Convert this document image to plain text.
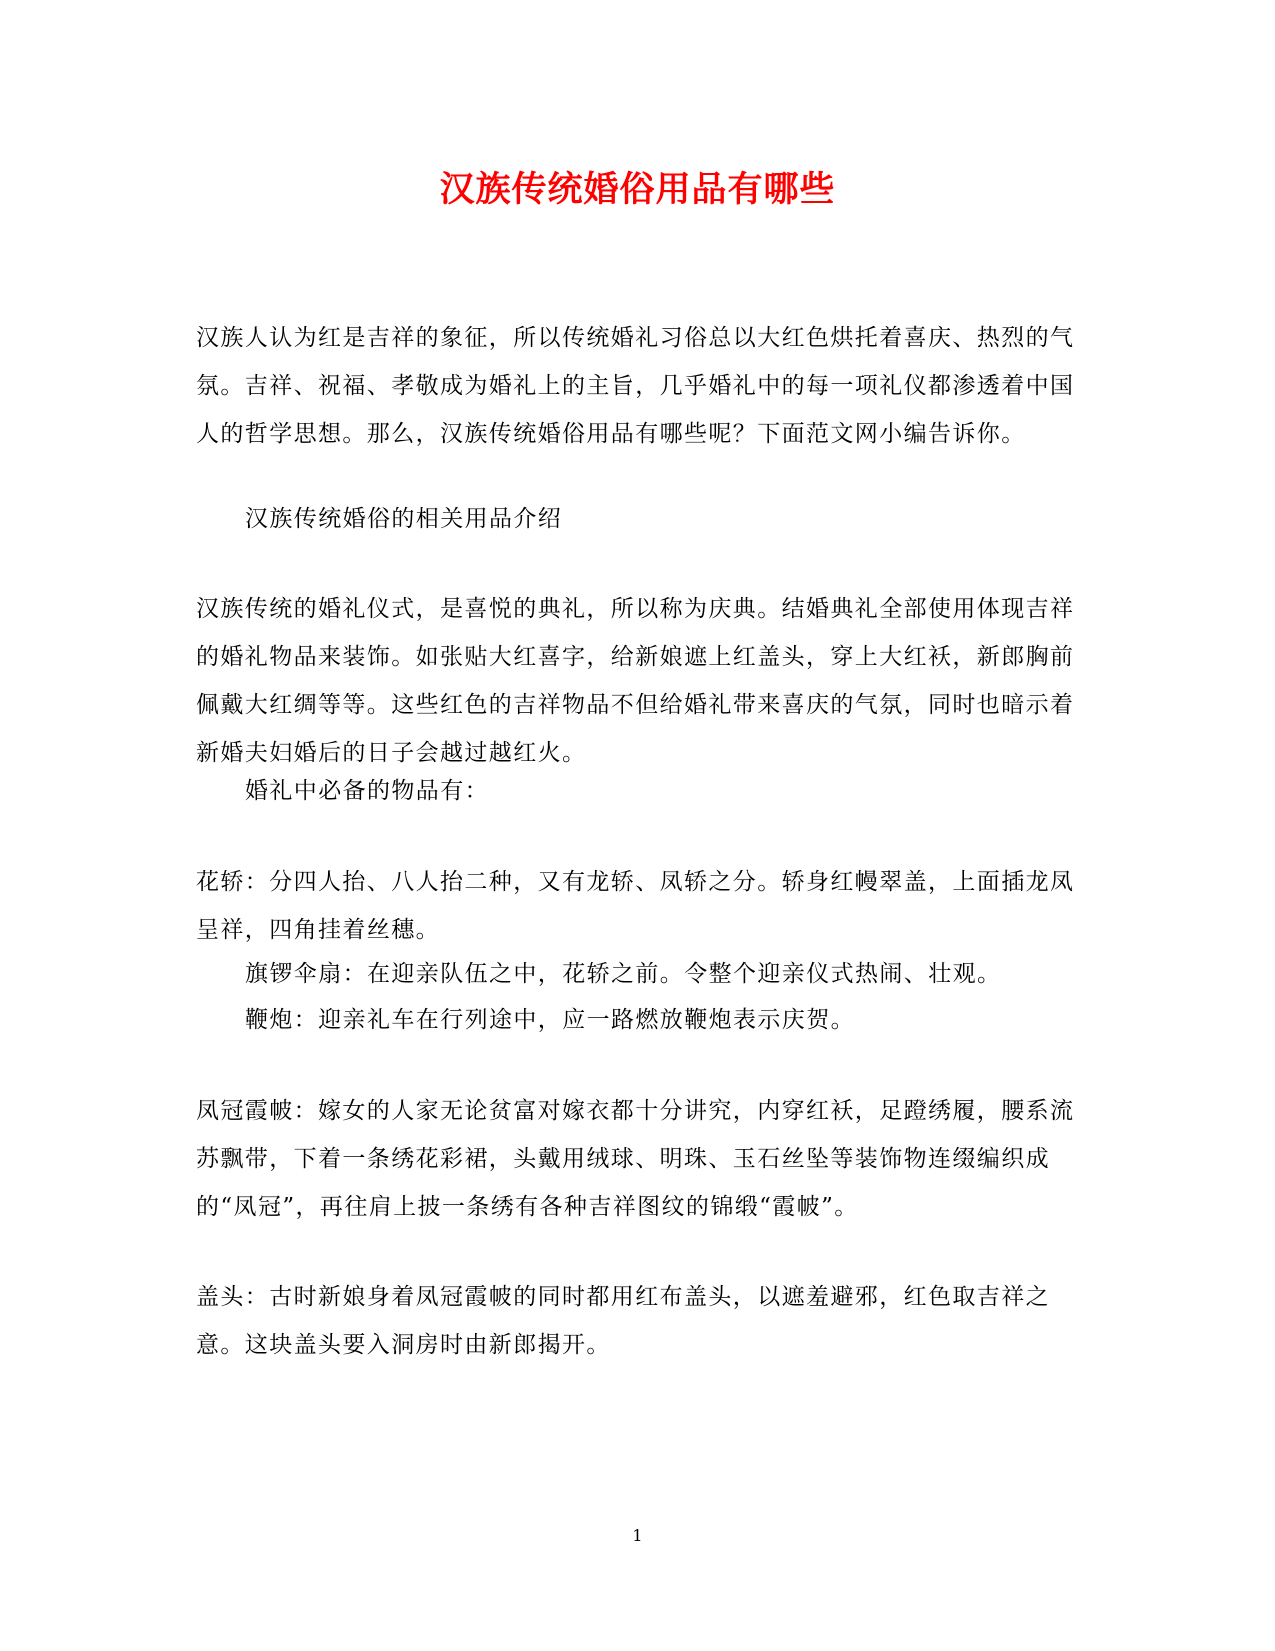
汉族传统婚俗用品有哪些

汉族人认为红是吉祥的象征，所以传统婚礼习俗总以大红色烘托着喜庆、热烈的气氛。吉祥、祝福、孝敬成为婚礼上的主旨，几乎婚礼中的每一项礼仪都渗透着中国人的哲学思想。那么，汉族传统婚俗用品有哪些呢？下面范文网小编告诉你。

汉族传统婚俗的相关用品介绍

汉族传统的婚礼仪式，是喜悦的典礼，所以称为庆典。结婚典礼全部使用体现吉祥的婚礼物品来装饰。如张贴大红喜字，给新娘遮上红盖头，穿上大红袄，新郎胸前佩戴大红绸等等。这些红色的吉祥物品不但给婚礼带来喜庆的气氛，同时也暗示着新婚夫妇婚后的日子会越过越红火。

婚礼中必备的物品有：

花轿：分四人抬、八人抬二种，又有龙轿、凤轿之分。轿身红幔翠盖，上面插龙凤呈祥，四角挂着丝穗。

旗锣伞扇：在迎亲队伍之中，花轿之前。令整个迎亲仪式热闹、壮观。

鞭炮：迎亲礼车在行列途中，应一路燃放鞭炮表示庆贺。

凤冠霞帔：嫁女的人家无论贫富对嫁衣都十分讲究，内穿红袄，足蹬绣履，腰系流苏飘带，下着一条绣花彩裙，头戴用绒球、明珠、玉石丝坠等装饰物连缀编织成的“凤冠”，再往肩上披一条绣有各种吉祥图纹的锦缎“霞帔”。

盖头：古时新娘身着凤冠霞帔的同时都用红布盖头，以遮羞避邪，红色取吉祥之意。这块盖头要入洞房时由新郎揭开。

1
